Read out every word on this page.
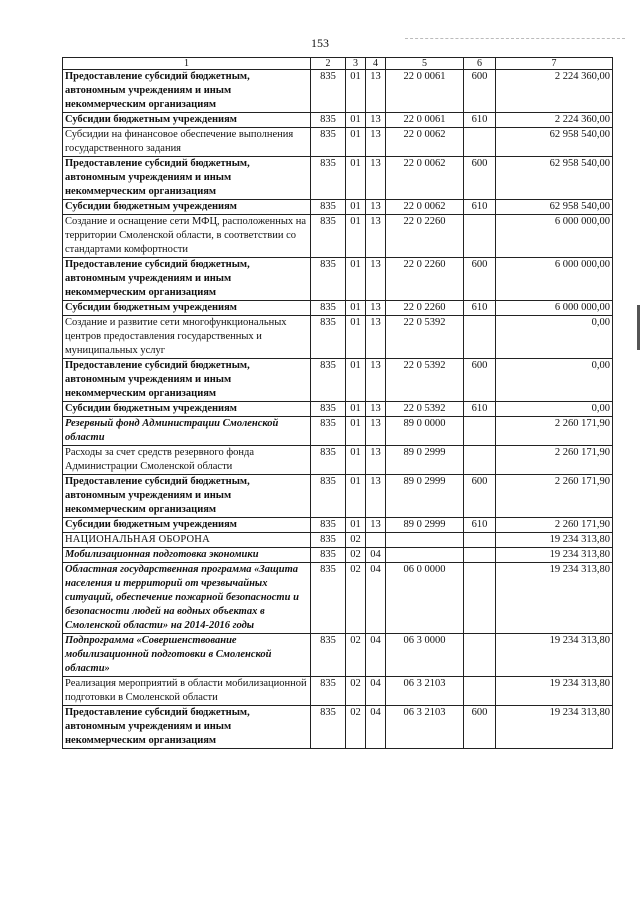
153
1	2	3	4	5	6	7
Предоставление субсидий бюджетным, автономным учреждениям и иным некоммерческим организациям	835	01	13	22 0 0061	600	2 224 360,00
Субсидии бюджетным учреждениям	835	01	13	22 0 0061	610	2 224 360,00
Субсидии на финансовое обеспечение выполнения государственного задания	835	01	13	22 0 0062		62 958 540,00
Предоставление субсидий бюджетным, автономным учреждениям и иным некоммерческим организациям	835	01	13	22 0 0062	600	62 958 540,00
Субсидии бюджетным учреждениям	835	01	13	22 0 0062	610	62 958 540,00
Создание и оснащение сети МФЦ, расположенных на территории Смоленской области, в соответствии со стандартами комфортности	835	01	13	22 0 2260		6 000 000,00
Предоставление субсидий бюджетным, автономным учреждениям и иным некоммерческим организациям	835	01	13	22 0 2260	600	6 000 000,00
Субсидии бюджетным учреждениям	835	01	13	22 0 2260	610	6 000 000,00
Создание и развитие сети многофункциональных центров предоставления государственных и муниципальных услуг	835	01	13	22 0 5392		0,00
Предоставление субсидий бюджетным, автономным учреждениям и иным некоммерческим организациям	835	01	13	22 0 5392	600	0,00
Субсидии бюджетным учреждениям	835	01	13	22 0 5392	610	0,00
Резервный фонд Администрации Смоленской области	835	01	13	89 0 0000		2 260 171,90
Расходы за счет средств резервного фонда Администрации Смоленской области	835	01	13	89 0 2999		2 260 171,90
Предоставление субсидий бюджетным, автономным учреждениям и иным некоммерческим организациям	835	01	13	89 0 2999	600	2 260 171,90
Субсидии бюджетным учреждениям	835	01	13	89 0 2999	610	2 260 171,90
НАЦИОНАЛЬНАЯ ОБОРОНА	835	02				19 234 313,80
Мобилизационная подготовка экономики	835	02	04			19 234 313,80
Областная государственная программа «Защита населения и территорий от чрезвычайных ситуаций, обеспечение пожарной безопасности и безопасности людей на водных объектах в Смоленской области» на 2014-2016 годы	835	02	04	06 0 0000		19 234 313,80
Подпрограмма «Совершенствование мобилизационной подготовки в Смоленской области»	835	02	04	06 3 0000		19 234 313,80
Реализация мероприятий в области мобилизационной подготовки в Смоленской области	835	02	04	06 3 2103		19 234 313,80
Предоставление субсидий бюджетным, автономным учреждениям и иным некоммерческим организациям	835	02	04	06 3 2103	600	19 234 313,80
